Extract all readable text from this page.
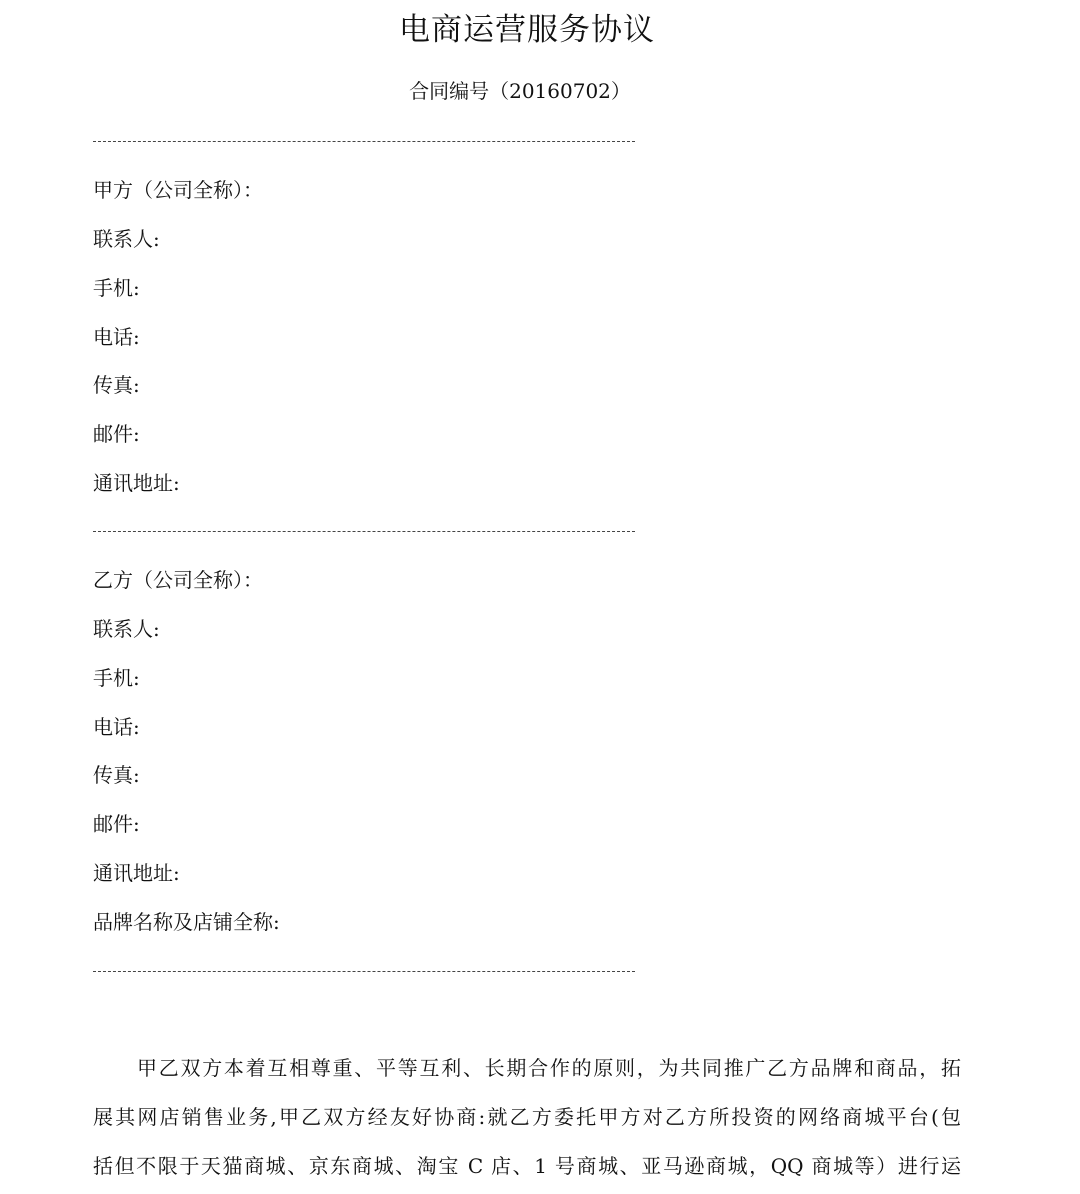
电商运营服务协议
合同编号（20160702）
甲方（公司全称）：
联系人:
手机:
电话:
传真:
邮件:
通讯地址:
乙方（公司全称）：
联系人:
手机:
电话:
传真:
邮件:
通讯地址:
品牌名称及店铺全称:
甲乙双方本着互相尊重、平等互利、长期合作的原则，为共同推广乙方品牌和商品，拓
展其网店销售业务,甲乙双方经友好协商:就乙方委托甲方对乙方所投资的网络商城平台(包
括但不限于天猫商城、京东商城、淘宝 C 店、1 号商城、亚马逊商城，QQ 商城等）进行运
